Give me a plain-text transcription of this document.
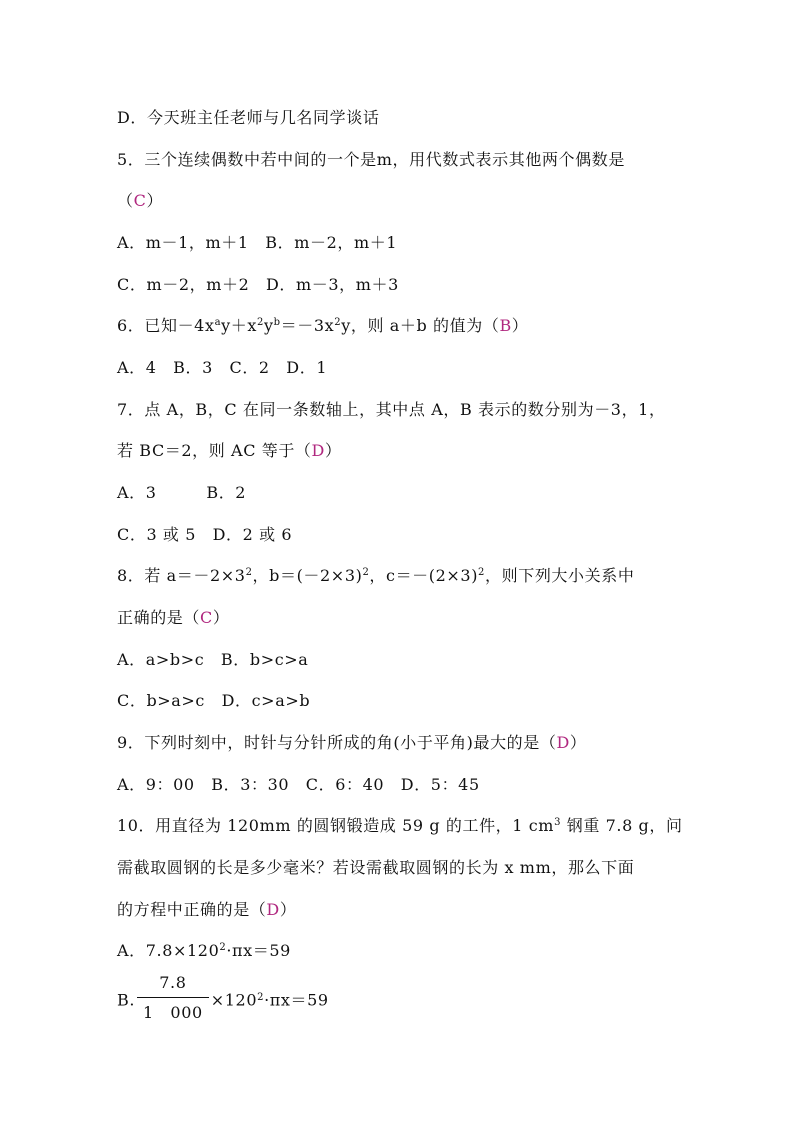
D．今天班主任老师与几名同学谈话
5．三个连续偶数中若中间的一个是m，用代数式表示其他两个偶数是
（C）
A．m－1，m＋1　B．m－2，m＋1
C．m－2，m＋2　D．m－3，m＋3
6．已知$-4x^ay+x^2y^b=-3x^2y$，则 a＋b 的值为（B）
A．4　B．3　C．2　D．1
7．点 A，B，C 在同一条数轴上，其中点 A，B 表示的数分别为－3，1，
若 BC＝2，则 AC 等于（D）
A．3　　　B．2
C．3 或 5　D．2 或 6
8．若 $a=-2\times 3^2$，$b=(-2\times 3)^2$，$c=-(2\times 3)^2$，则下列大小关系中
正确的是（C）
A．a>b>c　B．b>c>a
C．b>a>c　D．c>a>b
9．下列时刻中，时针与分针所成的角(小于平角)最大的是（D）
A．9：00　B．3：30　C．6：40　D．5：45
10．用直径为 120mm 的圆钢锻造成 59 g 的工件，1 $cm^3$ 钢重 7.8 g，问
需截取圆钢的长是多少毫米？若设需截取圆钢的长为 x mm，那么下面
的方程中正确的是（D）
A．$7.8\times 120^2\cdot\pi x=59$
B. $\frac{7.8}{1 000} \times 120^2\cdot\pi x=59$
